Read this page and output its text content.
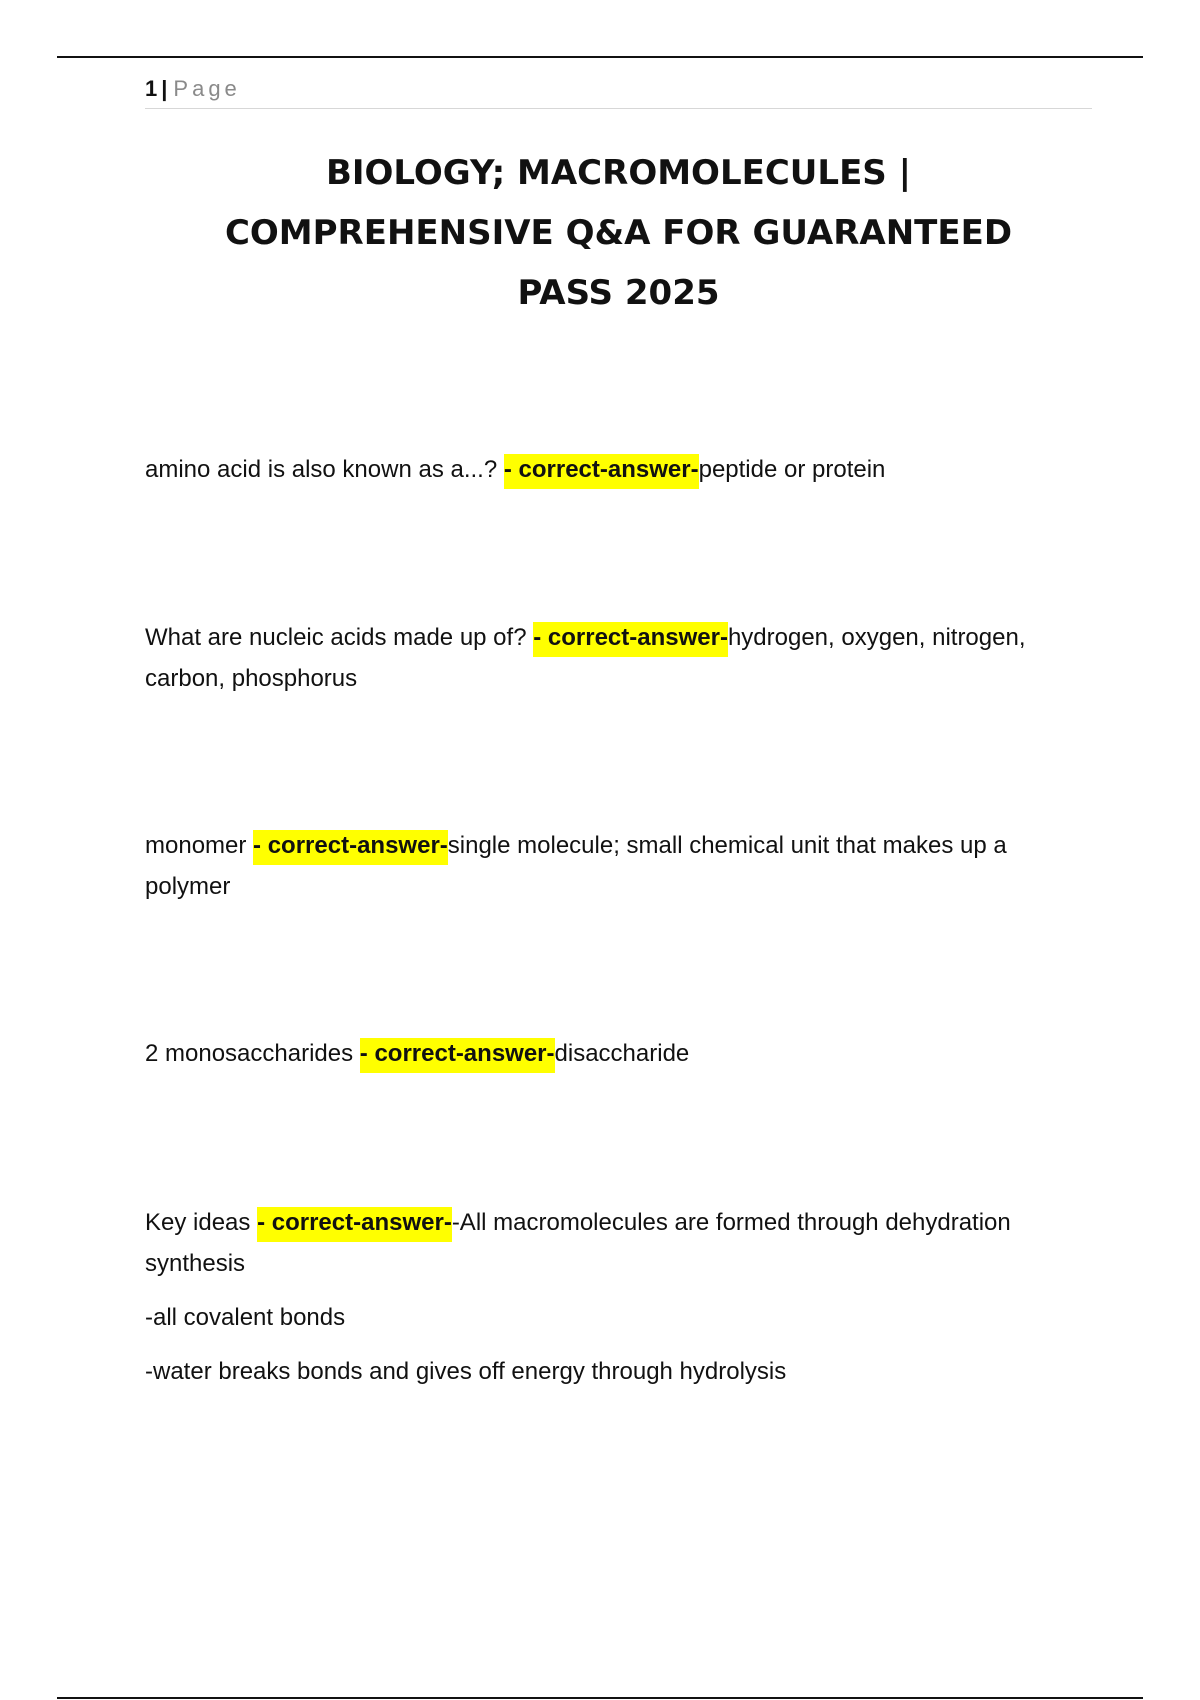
1 | Page
BIOLOGY; MACROMOLECULES |
COMPREHENSIVE Q&A FOR GUARANTEED
PASS 2025

amino acid is also known as a...? - correct-answer-peptide or protein

What are nucleic acids made up of? - correct-answer-hydrogen, oxygen, nitrogen, carbon, phosphorus

monomer - correct-answer-single molecule; small chemical unit that makes up a polymer

2 monosaccharides - correct-answer-disaccharide

Key ideas - correct-answer--All macromolecules are formed through dehydration synthesis

-all covalent bonds

-water breaks bonds and gives off energy through hydrolysis
